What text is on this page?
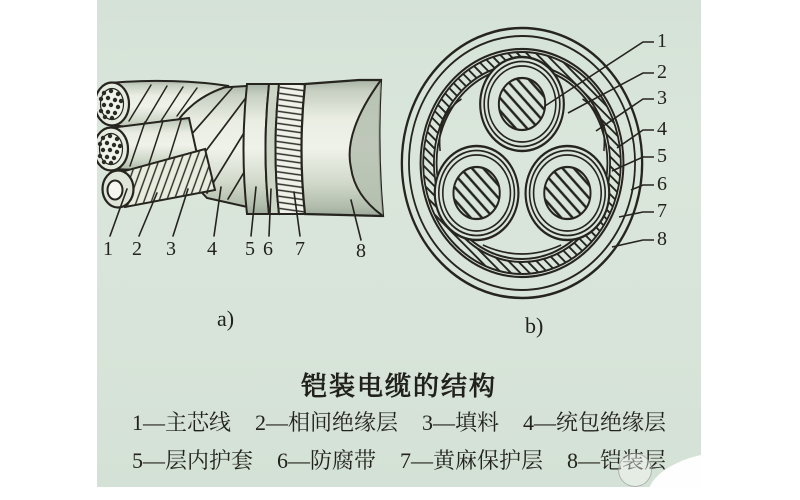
1 2 3 4 5 6 7	8
1
2
3
4
5
6
7
8
a)	b)
铠装电缆的结构
1—主芯线 2—相间绝缘层 3—填料 4—统包绝缘层
5—层内护套 6—防腐带 7—黄麻保护层 8—铠装层
